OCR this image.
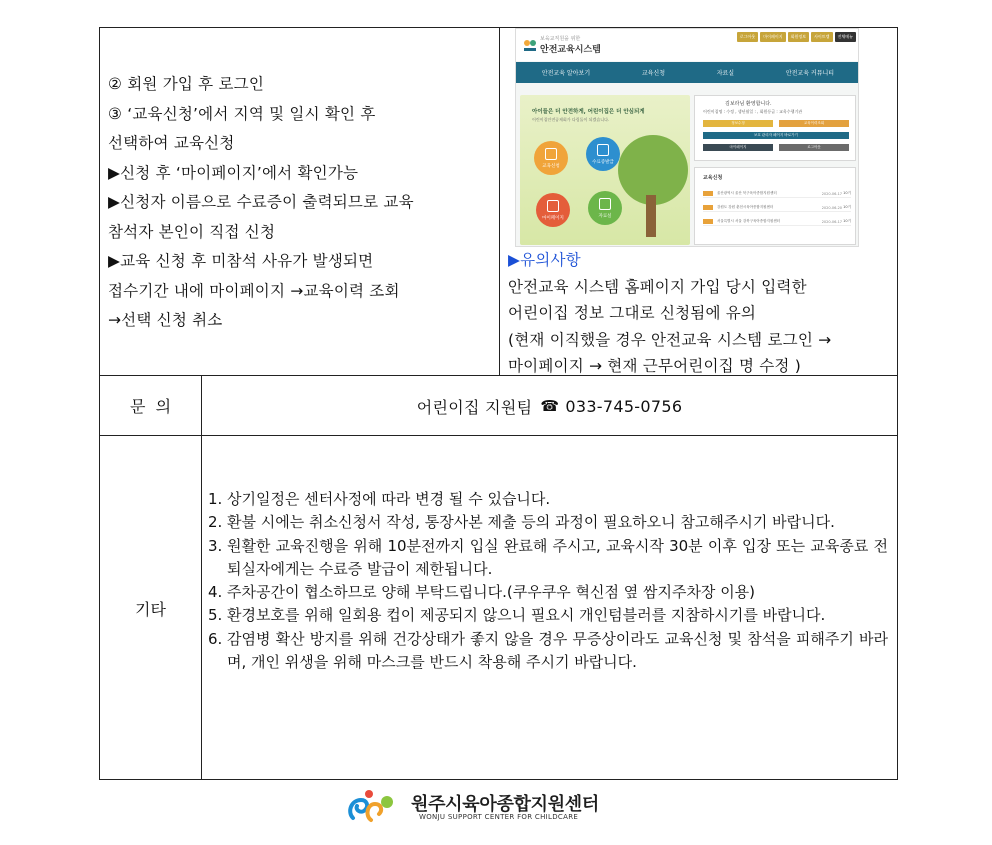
② 회원 가입 후 로그인
③ ‘교육신청’에서 지역 및 일시 확인 후
선택하여 교육신청
▶신청 후 ‘마이페이지’에서 확인가능
▶신청자 이름으로 수료증이 출력되므로 교육
참석자 본인이 직접 신청
▶교육 신청 후 미참석 사유가 발생되면
접수기간 내에 마이페이지 →교육이력 조회
→선택 신청 취소
보육교직원을 위한
안전교육시스템
로그아웃	마이페이지	회원정보	사이트맵	전체메뉴
안전교육 알아보기	교육신청	자료실	안전교육 커뮤니티
교육신청
수료증발급
마이페이지	자료실
아이들은 더 안전하게, 어린이집은 더 안심되게
어린이집안전공제회가 다림돌이 되겠습니다.
김보라님 환영합니다.
어린이집명 : 수정 , 생년월일 : , 회원등급 : 교육수행기관
정보수정	교육이력조회
보호 관리자 페이지 바로가기
마이페이지	로그아웃
교육신청
울산광역시 울산 북구육아종합지원센터	2020-06-17
10기
강원도 강원 춘천시육아종합지원센터	2020-06-20
10기
서울특별시 서울 강북구육아종합지원센터	2020-06-17
10기
▶유의사항
안전교육 시스템 홈페이지 가입 당시 입력한
어린이집 정보 그대로 신청됨에 유의
(현재 이직했을 경우 안전교육 시스템 로그인 →
마이페이지 → 현재 근무어린이집 명 수정 )
문  의	어린이집 지원팀 ☎ 033-745-0756
기타
1. 상기일정은 센터사정에 따라 변경 될 수 있습니다.
2. 환불 시에는 취소신청서 작성, 통장사본 제출 등의 과정이 필요하오니 참고해주시기 바랍니다.
3. 원활한 교육진행을 위해 10분전까지 입실 완료해 주시고, 교육시작 30분 이후 입장 또는 교육종료 전 퇴실자에게는 수료증 발급이 제한됩니다.
4. 주차공간이 협소하므로 양해 부탁드립니다.(쿠우쿠우 혁신점 옆 쌈지주차장 이용)
5. 환경보호를 위해 일회용 컵이 제공되지 않으니 필요시 개인텀블러를 지참하시기를 바랍니다.
6. 감염병 확산 방지를 위해 건강상태가 좋지 않을 경우 무증상이라도 교육신청 및 참석을 피해주기 바라며, 개인 위생을 위해 마스크를 반드시 착용해 주시기 바랍니다.
원주시육아종합지원센터
WONJU SUPPORT CENTER FOR CHILDCARE
